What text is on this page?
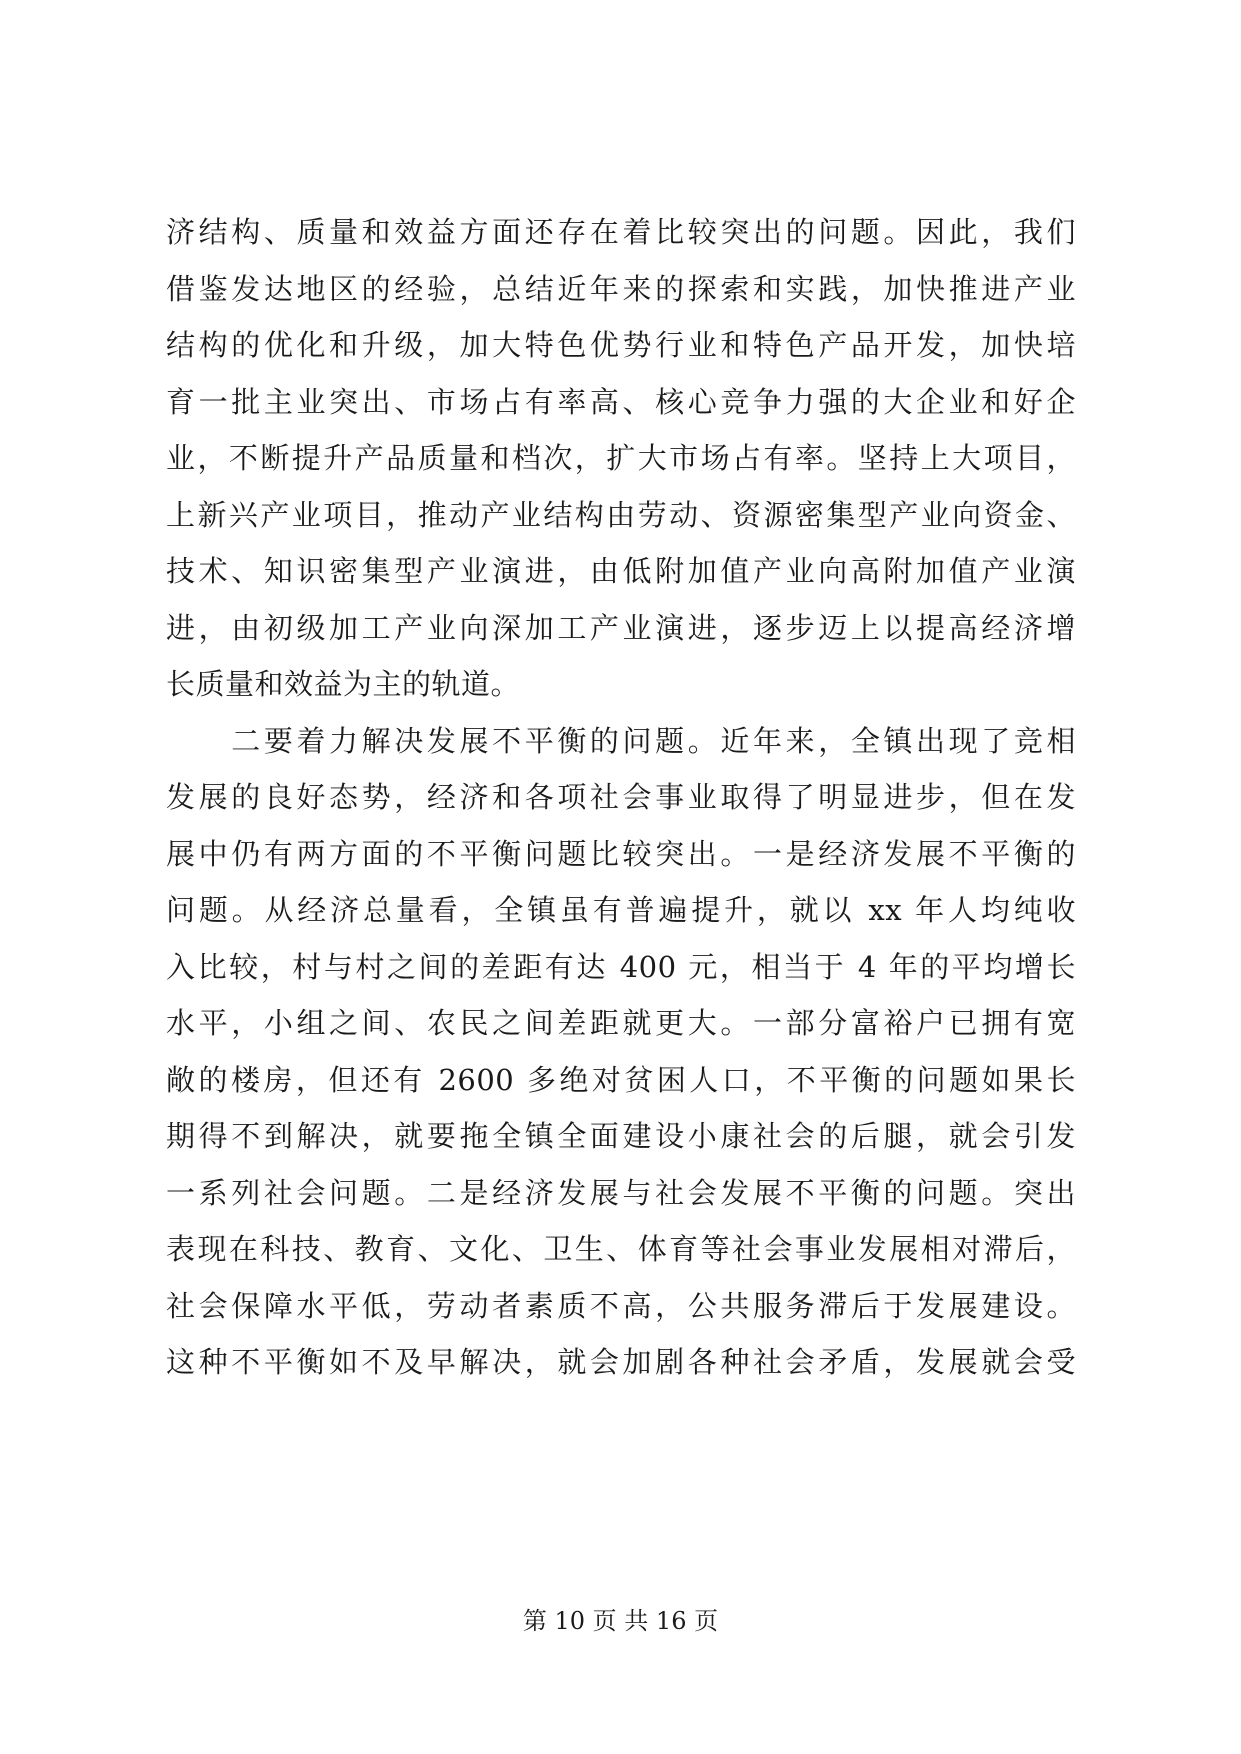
济结构、质量和效益方面还存在着比较突出的问题。因此，我们
借鉴发达地区的经验，总结近年来的探索和实践，加快推进产业
结构的优化和升级，加大特色优势行业和特色产品开发，加快培
育一批主业突出、市场占有率高、核心竞争力强的大企业和好企
业，不断提升产品质量和档次，扩大市场占有率。坚持上大项目，
上新兴产业项目，推动产业结构由劳动、资源密集型产业向资金、
技术、知识密集型产业演进，由低附加值产业向高附加值产业演
进，由初级加工产业向深加工产业演进，逐步迈上以提高经济增
长质量和效益为主的轨道。
　　二要着力解决发展不平衡的问题。近年来，全镇出现了竞相
发展的良好态势，经济和各项社会事业取得了明显进步，但在发
展中仍有两方面的不平衡问题比较突出。一是经济发展不平衡的
问题。从经济总量看，全镇虽有普遍提升，就以 xx 年人均纯收
入比较，村与村之间的差距有达 400 元，相当于 4 年的平均增长
水平，小组之间、农民之间差距就更大。一部分富裕户已拥有宽
敞的楼房，但还有 2600 多绝对贫困人口，不平衡的问题如果长
期得不到解决，就要拖全镇全面建设小康社会的后腿，就会引发
一系列社会问题。二是经济发展与社会发展不平衡的问题。突出
表现在科技、教育、文化、卫生、体育等社会事业发展相对滞后，
社会保障水平低，劳动者素质不高，公共服务滞后于发展建设。
这种不平衡如不及早解决，就会加剧各种社会矛盾，发展就会受
第 10 页 共 16 页
